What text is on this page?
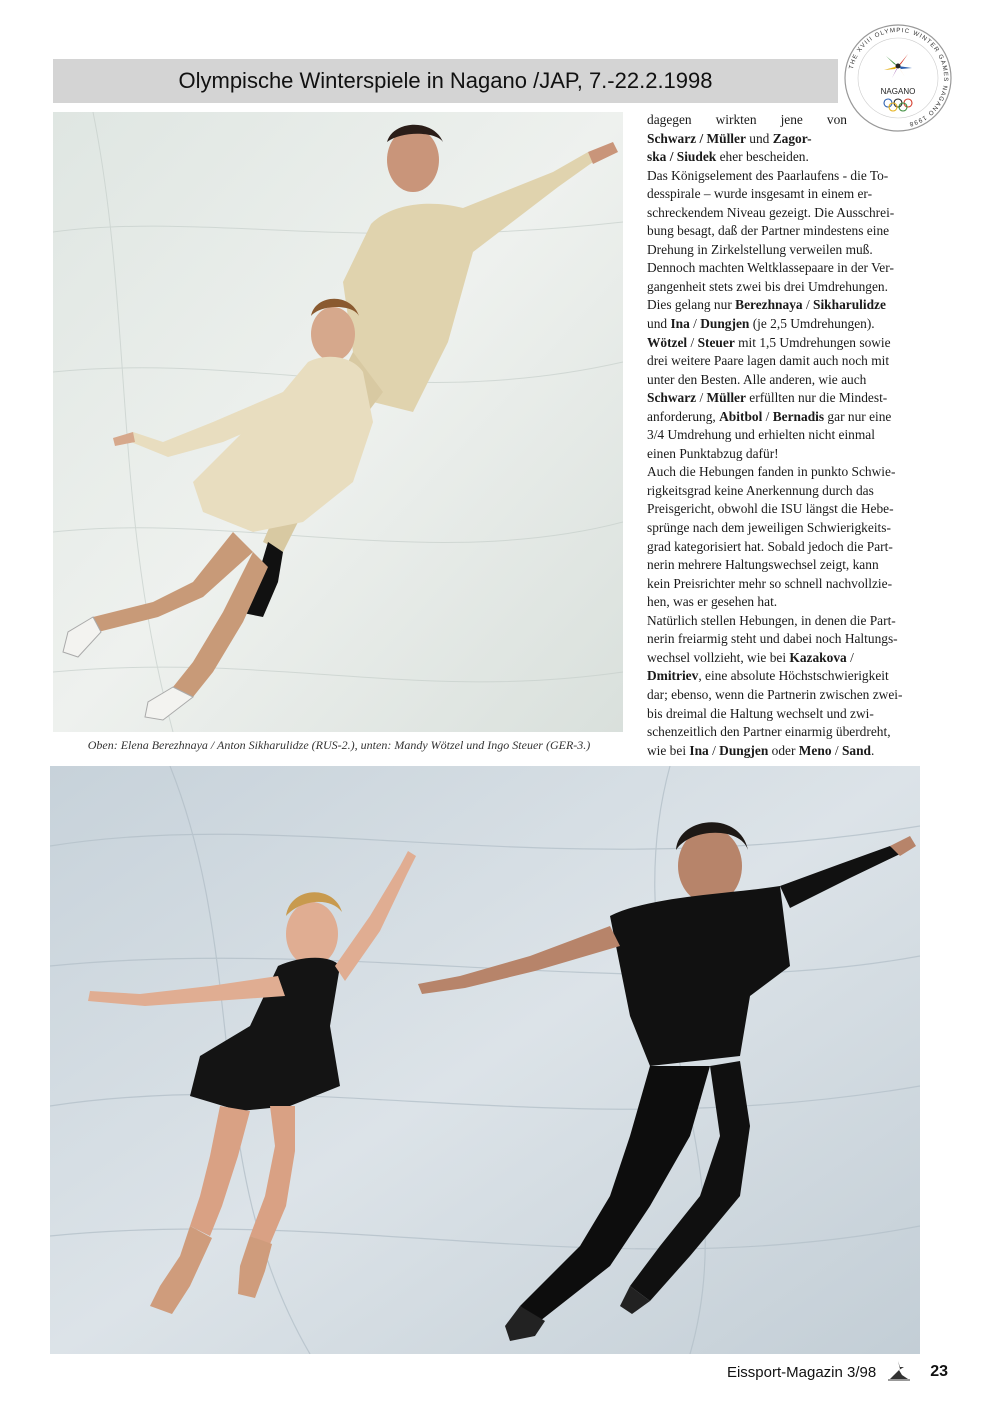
Olympische Winterspiele in Nagano /JAP, 7.-22.2.1998
THE XVIII OLYMPIC WINTER GAMES NAGANO 1998
NAGANO
Oben: Elena Berezhnaya / Anton Sikharulidze (RUS-2.), unten: Mandy Wötzel und Ingo Steuer (GER-3.)

dagegen wirkten jene von
Schwarz / Müller und Zagor-
ska / Siudek eher bescheiden.

Das Königselement des Paarlaufens - die To-
desspirale – wurde insgesamt in einem er-
schreckendem Niveau gezeigt. Die Ausschrei-
bung besagt, daß der Partner mindestens eine
Drehung in Zirkelstellung verweilen muß.
Dennoch machten Weltklassepaare in der Ver-
gangenheit stets zwei bis drei Umdrehungen.
Dies gelang nur Berezhnaya / Sikharulidze
und Ina / Dungjen (je 2,5 Umdrehungen).
Wötzel / Steuer mit 1,5 Umdrehungen sowie
drei weitere Paare lagen damit auch noch mit
unter den Besten. Alle anderen, wie auch
Schwarz / Müller erfüllten nur die Mindest-
anforderung, Abitbol / Bernadis gar nur eine
3/4 Umdrehung und erhielten nicht einmal
einen Punktabzug dafür!

Auch die Hebungen fanden in punkto Schwie-
rigkeitsgrad keine Anerkennung durch das
Preisgericht, obwohl die ISU längst die Hebe-
sprünge nach dem jeweiligen Schwierigkeits-
grad kategorisiert hat. Sobald jedoch die Part-
nerin mehrere Haltungswechsel zeigt, kann
kein Preisrichter mehr so schnell nachvollzie-
hen, was er gesehen hat.

Natürlich stellen Hebungen, in denen die Part-
nerin freiarmig steht und dabei noch Haltungs-
wechsel vollzieht, wie bei Kazakova /
Dmitriev, eine absolute Höchstschwierigkeit
dar; ebenso, wenn die Partnerin zwischen zwei-
bis dreimal die Haltung wechselt und zwi-
schenzeitlich den Partner einarmig überdreht,
wie bei Ina / Dungjen oder Meno / Sand.

Eissport-Magazin 3/98	23
